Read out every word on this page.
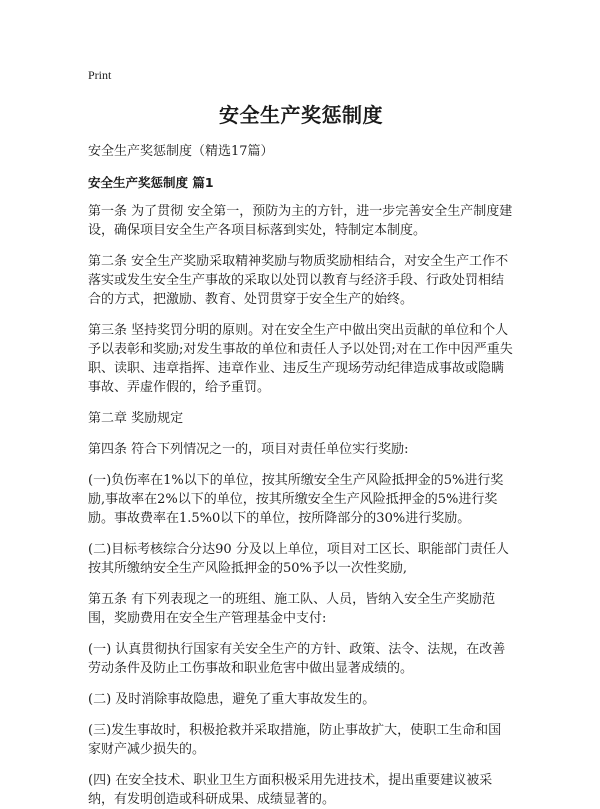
Print
安全生产奖惩制度

安全生产奖惩制度（精选17篇）

安全生产奖惩制度 篇1

第一条 为了贯彻 安全第一，预防为主的方针，进一步完善安全生产制度建设，确保项目安全生产各项目标落到实处，特制定本制度。

第二条 安全生产奖励采取精神奖励与物质奖励相结合，对安全生产工作不落实或发生安全生产事故的采取以处罚以教育与经济手段、行政处罚相结合的方式，把激励、教育、处罚贯穿于安全生产的始终。

第三条 坚持奖罚分明的原则。对在安全生产中做出突出贡献的单位和个人予以表彰和奖励;对发生事故的单位和责任人予以处罚;对在工作中因严重失职、读职、违章指挥、违章作业、违反生产现场劳动纪律造成事故或隐瞒事故、弄虚作假的，给予重罚。

第二章 奖励规定

第四条 符合下列情况之一的，项目对责任单位实行奖励:

(一)负伤率在1%以下的单位，按其所缴安全生产风险抵押金的5%进行奖励,事故率在2%以下的单位，按其所缴安全生产风险抵押金的5%进行奖励。事故费率在1.5%0以下的单位，按所降部分的30%进行奖励。

(二)目标考核综合分达90 分及以上单位，项目对工区长、职能部门责任人按其所缴纳安全生产风险抵押金的50%予以一次性奖励,

第五条 有下列表现之一的班组、施工队、人员，皆纳入安全生产奖励范围，奖励费用在安全生产管理基金中支付:

(一) 认真贯彻执行国家有关安全生产的方针、政策、法令、法规，在改善劳动条件及防止工伤事故和职业危害中做出显著成绩的。

(二) 及时消除事故隐患，避免了重大事故发生的。

(三)发生事故时，积极抢救并采取措施，防止事故扩大，使职工生命和国家财产减少损失的。

(四) 在安全技术、职业卫生方面积极采用先进技术，提出重要建议被采纳，有发明创造或科研成果、成绩显著的。
